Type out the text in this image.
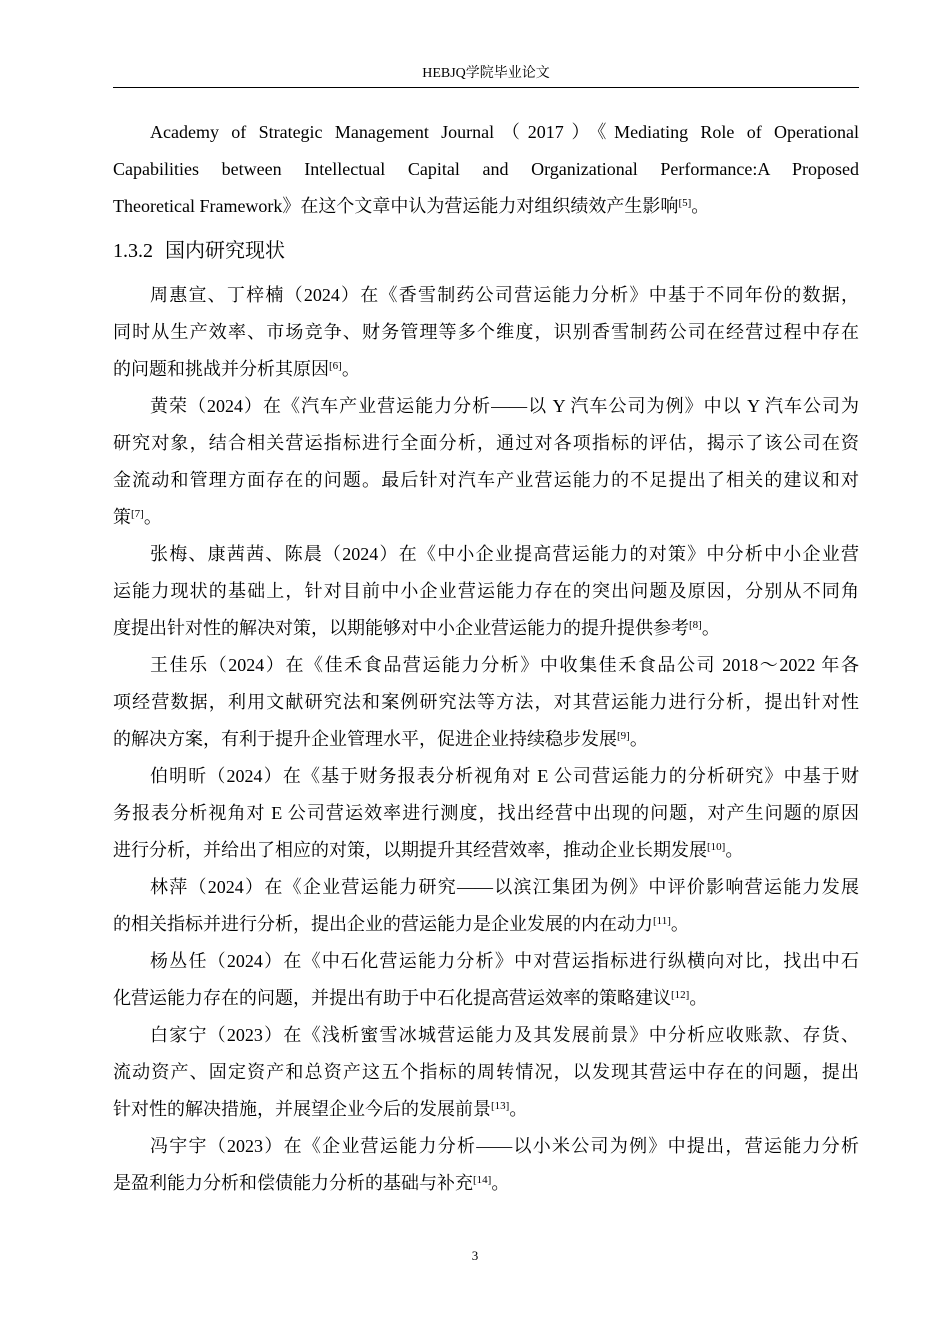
HEBJQ学院毕业论文
Academy of Strategic Management Journal（2017）《Mediating Role of Operational
Capabilities between Intellectual Capital and Organizational Performance:A Proposed
Theoretical Framework》在这个文章中认为营运能力对组织绩效产生影响[5]。
1.3.2 国内研究现状
周惠宣、丁梓楠（2024）在《香雪制药公司营运能力分析》中基于不同年份的数据，
同时从生产效率、市场竞争、财务管理等多个维度，识别香雪制药公司在经营过程中存在
的问题和挑战并分析其原因[6]。
黄荣（2024）在《汽车产业营运能力分析——以 Y 汽车公司为例》中以 Y 汽车公司为
研究对象，结合相关营运指标进行全面分析，通过对各项指标的评估，揭示了该公司在资
金流动和管理方面存在的问题。最后针对汽车产业营运能力的不足提出了相关的建议和对
策[7]。
张梅、康茜茜、陈晨（2024）在《中小企业提高营运能力的对策》中分析中小企业营
运能力现状的基础上，针对目前中小企业营运能力存在的突出问题及原因，分别从不同角
度提出针对性的解决对策，以期能够对中小企业营运能力的提升提供参考[8]。
王佳乐（2024）在《佳禾食品营运能力分析》中收集佳禾食品公司 2018～2022 年各
项经营数据，利用文献研究法和案例研究法等方法，对其营运能力进行分析，提出针对性
的解决方案，有利于提升企业管理水平，促进企业持续稳步发展[9]。
伯明昕（2024）在《基于财务报表分析视角对 E 公司营运能力的分析研究》中基于财
务报表分析视角对 E 公司营运效率进行测度，找出经营中出现的问题，对产生问题的原因
进行分析，并给出了相应的对策，以期提升其经营效率，推动企业长期发展[10]。
林萍（2024）在《企业营运能力研究——以滨江集团为例》中评价影响营运能力发展
的相关指标并进行分析，提出企业的营运能力是企业发展的内在动力[11]。
杨丛任（2024）在《中石化营运能力分析》中对营运指标进行纵横向对比，找出中石
化营运能力存在的问题，并提出有助于中石化提高营运效率的策略建议[12]。
白家宁（2023）在《浅析蜜雪冰城营运能力及其发展前景》中分析应收账款、存货、
流动资产、固定资产和总资产这五个指标的周转情况，以发现其营运中存在的问题，提出
针对性的解决措施，并展望企业今后的发展前景[13]。
冯宇宇（2023）在《企业营运能力分析——以小米公司为例》中提出，营运能力分析
是盈利能力分析和偿债能力分析的基础与补充[14]。
3
